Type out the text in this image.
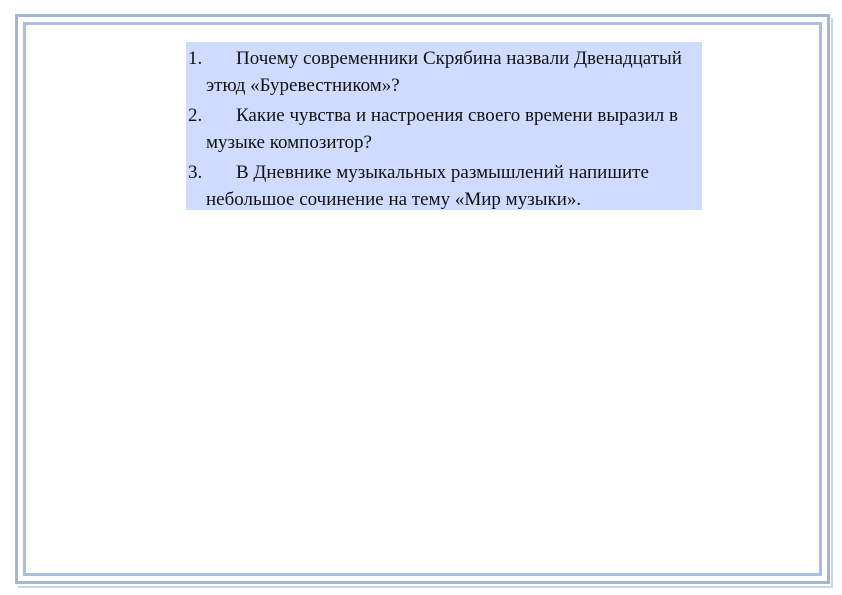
1.	Почему современники Скрябина назвали Двенадцатый этюд «Буревестником»?
2.	Какие чувства и настроения своего времени выразил в музыке композитор?
3.	В Дневнике музыкальных размышлений напишите небольшое сочинение на тему «Мир музыки».
